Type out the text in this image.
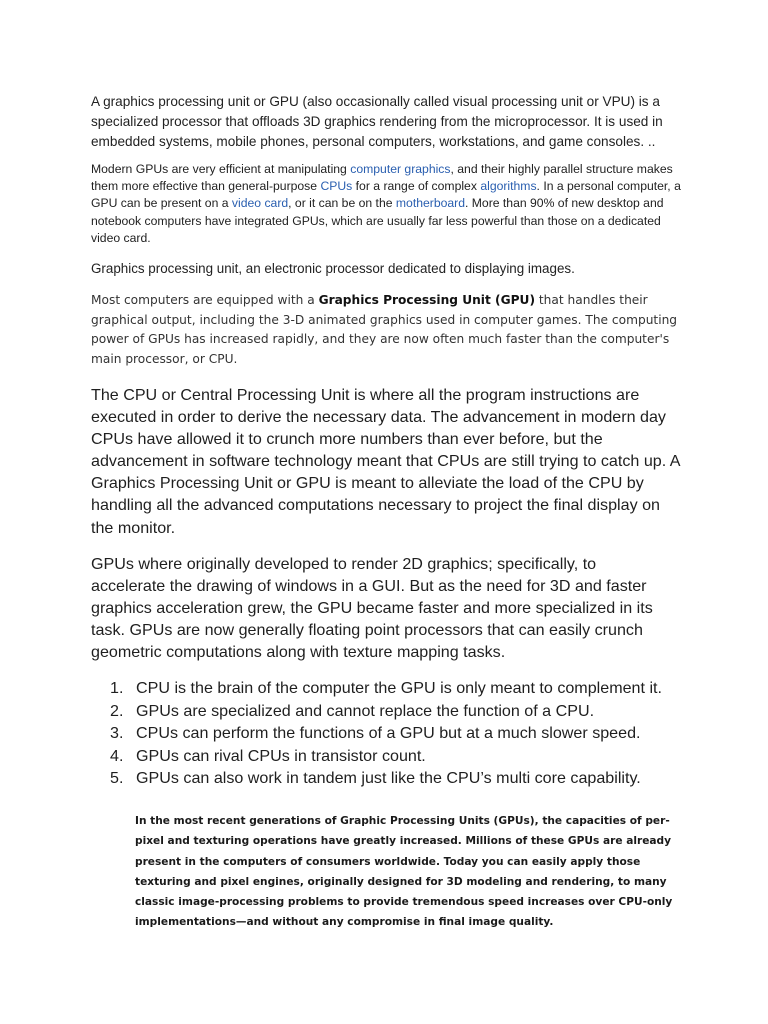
A graphics processing unit or GPU (also occasionally called visual processing unit or VPU) is a specialized processor that offloads 3D graphics rendering from the microprocessor. It is used in embedded systems, mobile phones, personal computers, workstations, and game consoles. ..

Modern GPUs are very efficient at manipulating computer graphics, and their highly parallel structure makes them more effective than general-purpose CPUs for a range of complex algorithms. In a personal computer, a GPU can be present on a video card, or it can be on the motherboard. More than 90% of new desktop and notebook computers have integrated GPUs, which are usually far less powerful than those on a dedicated video card.

Graphics processing unit, an electronic processor dedicated to displaying images.

Most computers are equipped with a Graphics Processing Unit (GPU) that handles their graphical output, including the 3-D animated graphics used in computer games. The computing power of GPUs has increased rapidly, and they are now often much faster than the computer's main processor, or CPU.

The CPU or Central Processing Unit is where all the program instructions are executed in order to derive the necessary data. The advancement in modern day CPUs have allowed it to crunch more numbers than ever before, but the advancement in software technology meant that CPUs are still trying to catch up. A Graphics Processing Unit or GPU is meant to alleviate the load of the CPU by handling all the advanced computations necessary to project the final display on the monitor.

GPUs where originally developed to render 2D graphics; specifically, to accelerate the drawing of windows in a GUI. But as the need for 3D and faster graphics acceleration grew, the GPU became faster and more specialized in its task. GPUs are now generally floating point processors that can easily crunch geometric computations along with texture mapping tasks.

1. CPU is the brain of the computer the GPU is only meant to complement it.
2. GPUs are specialized and cannot replace the function of a CPU.
3. CPUs can perform the functions of a GPU but at a much slower speed.
4. GPUs can rival CPUs in transistor count.
5. GPUs can also work in tandem just like the CPU’s multi core capability.

In the most recent generations of Graphic Processing Units (GPUs), the capacities of per-pixel and texturing operations have greatly increased. Millions of these GPUs are already present in the computers of consumers worldwide. Today you can easily apply those texturing and pixel engines, originally designed for 3D modeling and rendering, to many classic image-processing problems to provide tremendous speed increases over CPU-only implementations—and without any compromise in final image quality.
